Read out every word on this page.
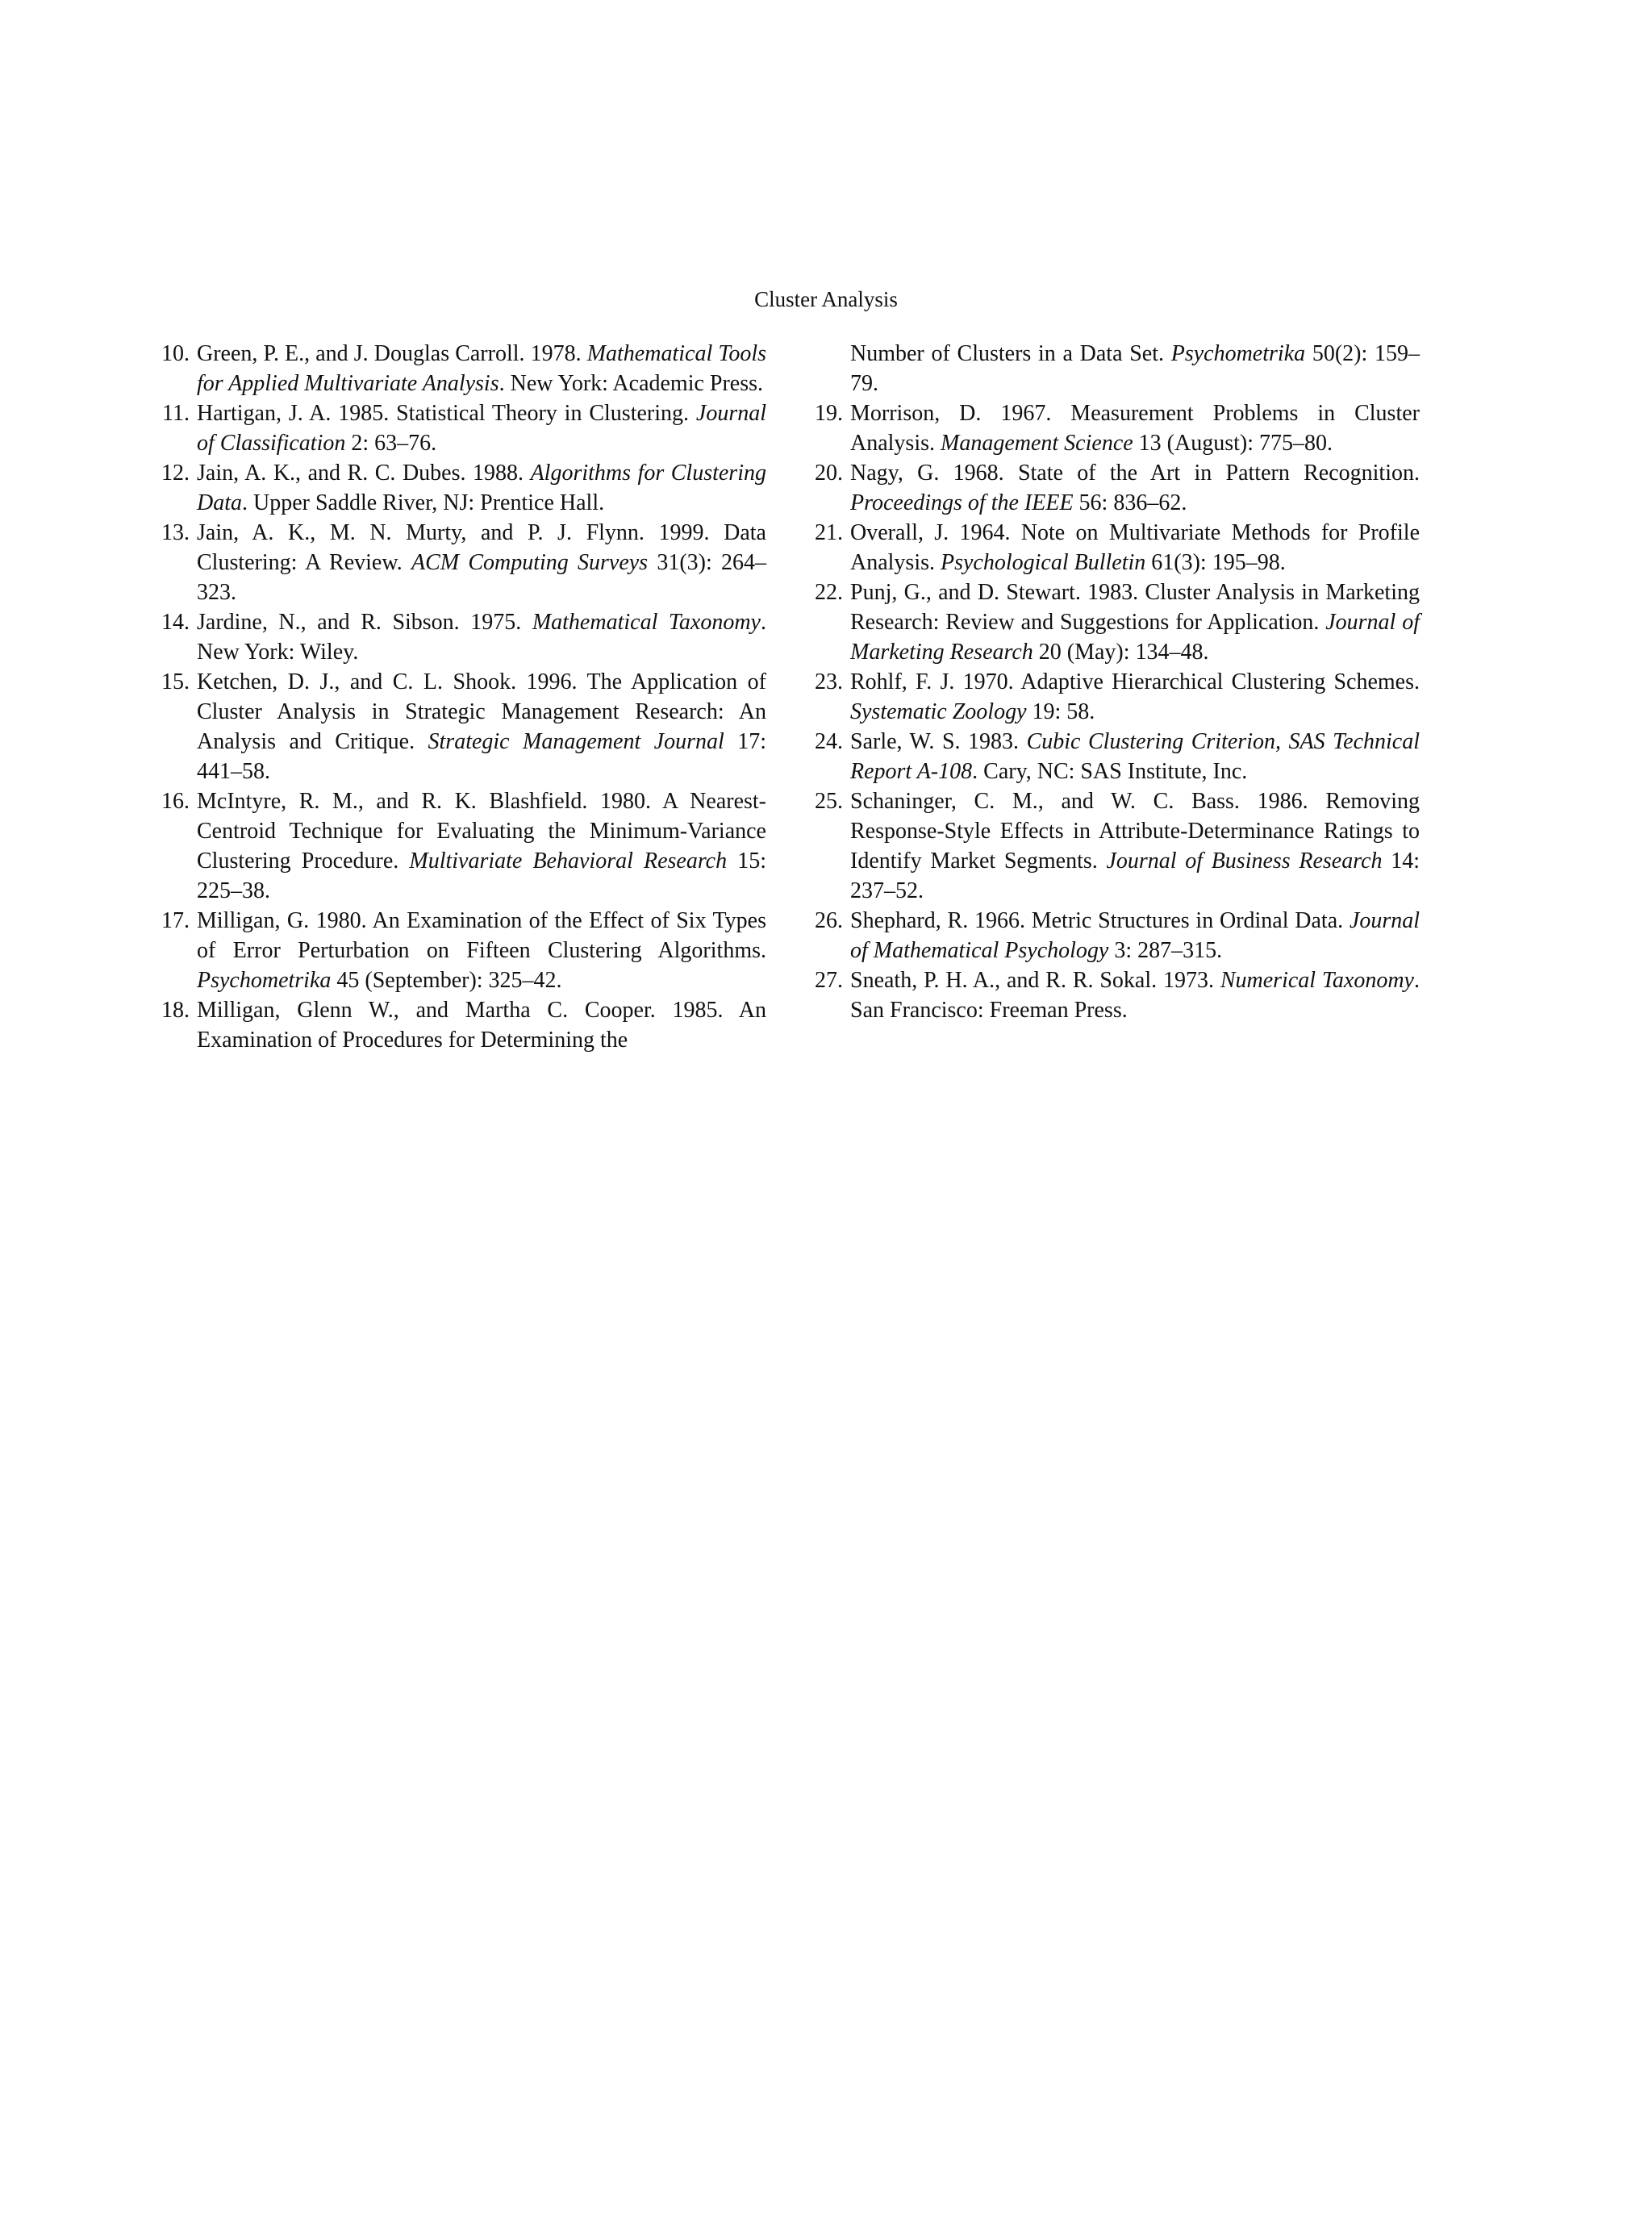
Cluster Analysis
10. Green, P. E., and J. Douglas Carroll. 1978. Mathematical Tools for Applied Multivariate Analysis. New York: Academic Press.
11. Hartigan, J. A. 1985. Statistical Theory in Clustering. Journal of Classification 2: 63–76.
12. Jain, A. K., and R. C. Dubes. 1988. Algorithms for Clustering Data. Upper Saddle River, NJ: Prentice Hall.
13. Jain, A. K., M. N. Murty, and P. J. Flynn. 1999. Data Clustering: A Review. ACM Computing Surveys 31(3): 264–323.
14. Jardine, N., and R. Sibson. 1975. Mathematical Taxonomy. New York: Wiley.
15. Ketchen, D. J., and C. L. Shook. 1996. The Application of Cluster Analysis in Strategic Management Research: An Analysis and Critique. Strategic Management Journal 17: 441–58.
16. McIntyre, R. M., and R. K. Blashfield. 1980. A Nearest-Centroid Technique for Evaluating the Minimum-Variance Clustering Procedure. Multivariate Behavioral Research 15: 225–38.
17. Milligan, G. 1980. An Examination of the Effect of Six Types of Error Perturbation on Fifteen Clustering Algorithms. Psychometrika 45 (September): 325–42.
18. Milligan, Glenn W., and Martha C. Cooper. 1985. An Examination of Procedures for Determining the
Number of Clusters in a Data Set. Psychometrika 50(2): 159–79.
19. Morrison, D. 1967. Measurement Problems in Cluster Analysis. Management Science 13 (August): 775–80.
20. Nagy, G. 1968. State of the Art in Pattern Recognition. Proceedings of the IEEE 56: 836–62.
21. Overall, J. 1964. Note on Multivariate Methods for Profile Analysis. Psychological Bulletin 61(3): 195–98.
22. Punj, G., and D. Stewart. 1983. Cluster Analysis in Marketing Research: Review and Suggestions for Application. Journal of Marketing Research 20 (May): 134–48.
23. Rohlf, F. J. 1970. Adaptive Hierarchical Clustering Schemes. Systematic Zoology 19: 58.
24. Sarle, W. S. 1983. Cubic Clustering Criterion, SAS Technical Report A-108. Cary, NC: SAS Institute, Inc.
25. Schaninger, C. M., and W. C. Bass. 1986. Removing Response-Style Effects in Attribute-Determinance Ratings to Identify Market Segments. Journal of Business Research 14: 237–52.
26. Shephard, R. 1966. Metric Structures in Ordinal Data. Journal of Mathematical Psychology 3: 287–315.
27. Sneath, P. H. A., and R. R. Sokal. 1973. Numerical Taxonomy. San Francisco: Freeman Press.
